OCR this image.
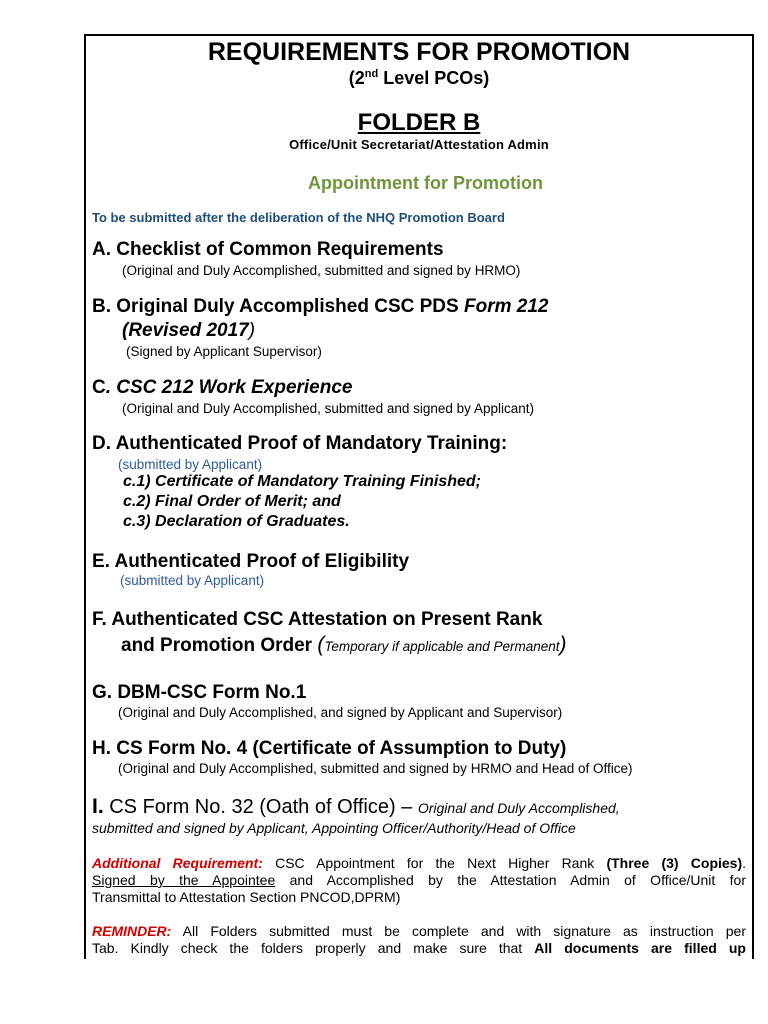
REQUIREMENTS FOR PROMOTION
(2nd Level PCOs)
FOLDER B
Office/Unit Secretariat/Attestation Admin
Appointment for Promotion
To be submitted after the deliberation of the NHQ Promotion Board
A. Checklist of Common Requirements
(Original and Duly Accomplished, submitted and signed by HRMO)
B. Original Duly Accomplished CSC PDS Form 212
(Revised 2017)
(Signed by Applicant Supervisor)
C. CSC 212 Work Experience
(Original and Duly Accomplished, submitted and signed by Applicant)
D. Authenticated Proof of Mandatory Training:
(submitted by Applicant)
c.1) Certificate of Mandatory Training Finished;
c.2) Final Order of Merit; and
c.3) Declaration of Graduates.
E. Authenticated Proof of Eligibility
(submitted by Applicant)
F. Authenticated CSC Attestation on Present Rank
and Promotion Order (Temporary if applicable and Permanent)
G. DBM-CSC Form No.1
(Original and Duly Accomplished, and signed by Applicant and Supervisor)
H. CS Form No. 4 (Certificate of Assumption to Duty)
(Original and Duly Accomplished, submitted and signed by HRMO and Head of Office)
I. CS Form No. 32 (Oath of Office) – Original and Duly Accomplished,
submitted and signed by Applicant, Appointing Officer/Authority/Head of Office
Additional Requirement: CSC Appointment for the Next Higher Rank (Three (3) Copies).
Signed by the Appointee and Accomplished by the Attestation Admin of Office/Unit for
Transmittal to Attestation Section PNCOD,DPRM)
REMINDER: All Folders submitted must be complete and with signature as instruction per
Tab. Kindly check the folders properly and make sure that All documents are filled up
